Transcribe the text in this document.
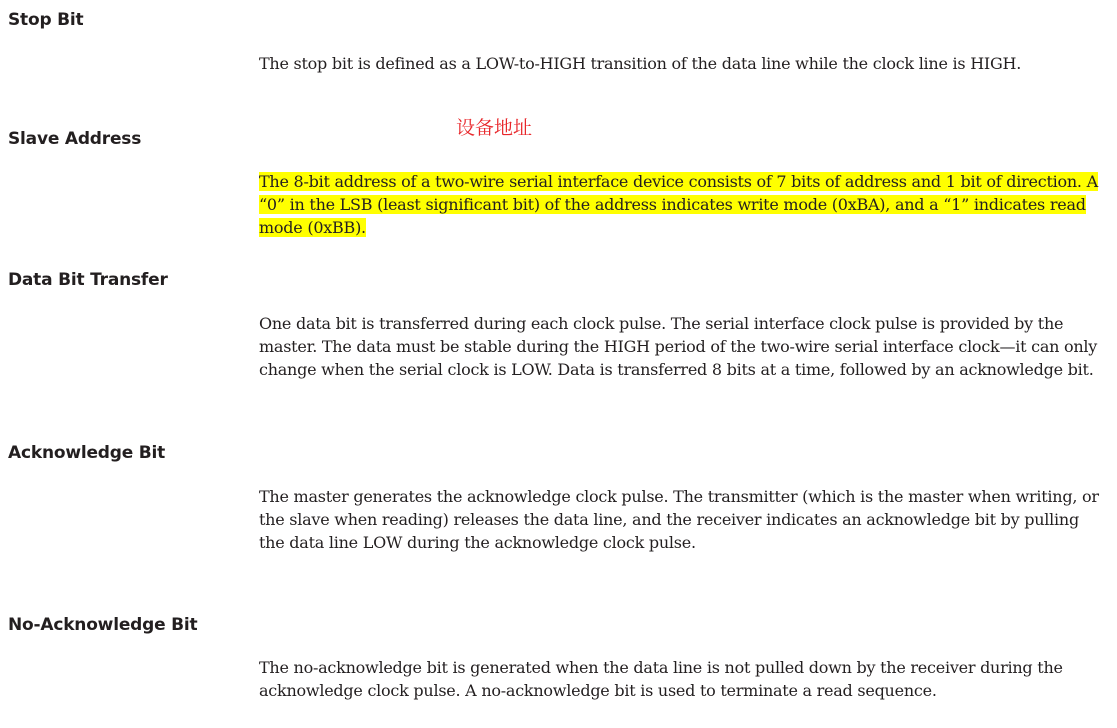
Stop Bit

The stop bit is defined as a LOW-to-HIGH transition of the data line while the clock line is HIGH.

设备地址
Slave Address

The 8-bit address of a two-wire serial interface device consists of 7 bits of address and 1 bit of direction. A “0” in the LSB (least significant bit) of the address indicates write mode (0xBA), and a “1” indicates read mode (0xBB).

Data Bit Transfer

One data bit is transferred during each clock pulse. The serial interface clock pulse is provided by the master. The data must be stable during the HIGH period of the two-wire serial interface clock—it can only change when the serial clock is LOW. Data is transferred 8 bits at a time, followed by an acknowledge bit.

Acknowledge Bit

The master generates the acknowledge clock pulse. The transmitter (which is the master when writing, or the slave when reading) releases the data line, and the receiver indicates an acknowledge bit by pulling the data line LOW during the acknowledge clock pulse.

No-Acknowledge Bit

The no-acknowledge bit is generated when the data line is not pulled down by the receiver during the acknowledge clock pulse. A no-acknowledge bit is used to terminate a read sequence.
